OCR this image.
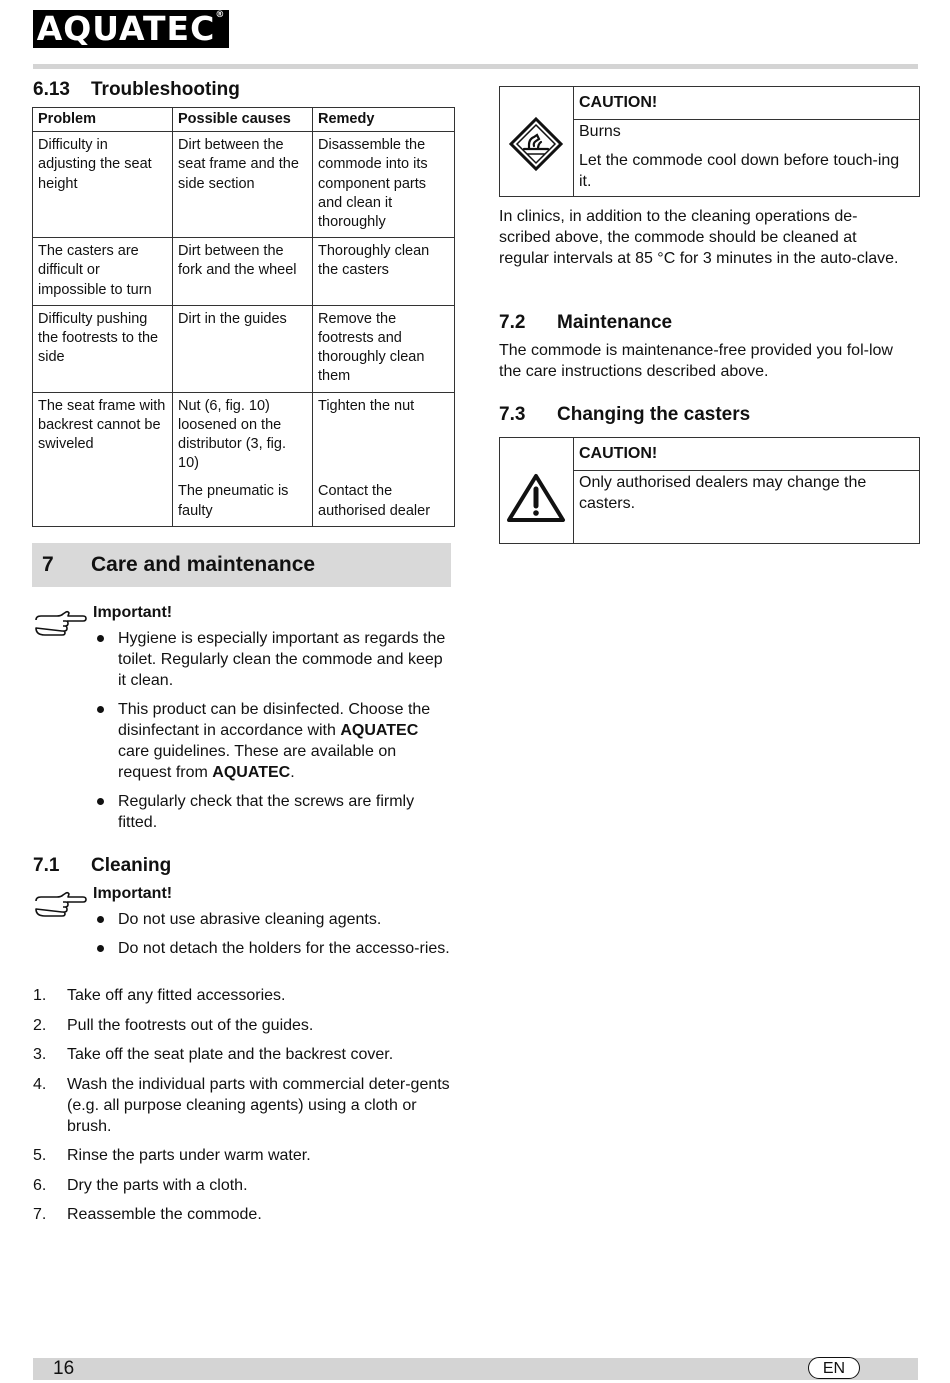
AQUATEC®
6.13 Troubleshooting
Problem	Possible causes	Remedy
Difficulty in adjusting the seat height	Dirt between the seat frame and the side section	Disassemble the commode into its component parts and clean it thoroughly
The casters are difficult or impossible to turn	Dirt between the fork and the wheel	Thoroughly clean the casters
Difficulty pushing the footrests to the side	Dirt in the guides	Remove the footrests and thoroughly clean them
The seat frame with backrest cannot be swiveled	Nut (6, fig. 10) loosened on the distributor (3, fig. 10)	Tighten the nut
	The pneumatic is faulty	Contact the authorised dealer
7 Care and maintenance
Important!
Hygiene is especially important as regards the toilet. Regularly clean the commode and keep it clean.
This product can be disinfected. Choose the disinfectant in accordance with AQUATEC care guidelines. These are available on request from AQUATEC.
Regularly check that the screws are firmly fitted.
7.1 Cleaning
Important!
Do not use abrasive cleaning agents.
Do not detach the holders for the accesso-ries.
1. Take off any fitted accessories.
2. Pull the footrests out of the guides.
3. Take off the seat plate and the backrest cover.
4. Wash the individual parts with commercial deter-gents (e.g. all purpose cleaning agents) using a cloth or brush.
5. Rinse the parts under warm water.
6. Dry the parts with a cloth.
7. Reassemble the commode.
CAUTION!
Burns
Let the commode cool down before touch-ing it.

In clinics, in addition to the cleaning operations de-scribed above, the commode should be cleaned at regular intervals at 85 °C for 3 minutes in the auto-clave.

7.2 Maintenance

The commode is maintenance-free provided you fol-low the care instructions described above.

7.3 Changing the casters
CAUTION!
Only authorised dealers may change the casters.
16	EN
